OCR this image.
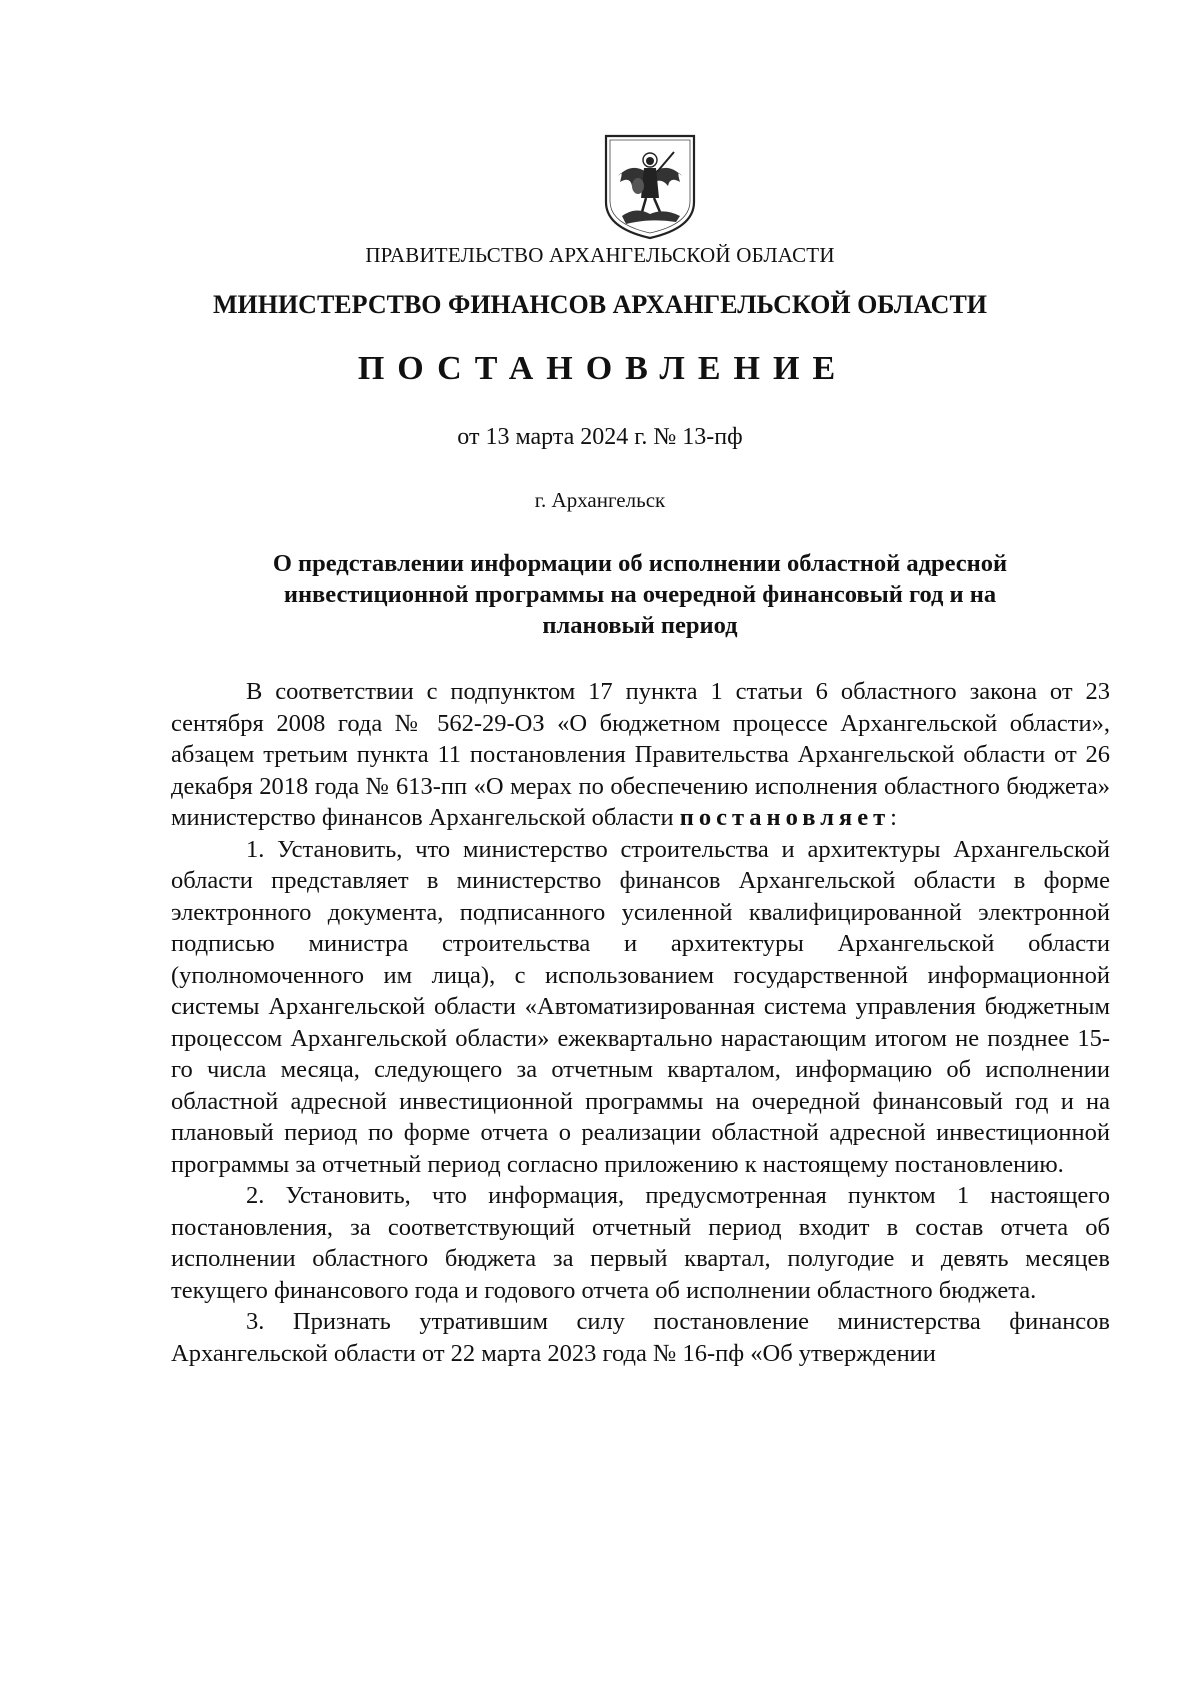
ПРАВИТЕЛЬСТВО АРХАНГЕЛЬСКОЙ ОБЛАСТИ
МИНИСТЕРСТВО ФИНАНСОВ АРХАНГЕЛЬСКОЙ ОБЛАСТИ
ПОСТАНОВЛЕНИЕ
от 13 марта 2024 г. № 13-пф
г. Архангельск
О представлении информации об исполнении областной адресной инвестиционной программы на очередной финансовый год и на плановый период

В соответствии с подпунктом 17 пункта 1 статьи 6 областного закона от 23 сентября 2008 года № 562-29-ОЗ «О бюджетном процессе Архангельской области», абзацем третьим пункта 11 постановления Правительства Архангельской области от 26 декабря 2018 года № 613-пп «О мерах по обеспечению исполнения областного бюджета» министерство финансов Архангельской области постановляет:

1. Установить, что министерство строительства и архитектуры Архангельской области представляет в министерство финансов Архангельской области в форме электронного документа, подписанного усиленной квалифицированной электронной подписью министра строительства и архитектуры Архангельской области (уполномоченного им лица), с использованием государственной информационной системы Архангельской области «Автоматизированная система управления бюджетным процессом Архангельской области» ежеквартально нарастающим итогом не позднее 15-го числа месяца, следующего за отчетным кварталом, информацию об исполнении областной адресной инвестиционной программы на очередной финансовый год и на плановый период по форме отчета о реализации областной адресной инвестиционной программы за отчетный период согласно приложению к настоящему постановлению.

2. Установить, что информация, предусмотренная пунктом 1 настоящего постановления, за соответствующий отчетный период входит в состав отчета об исполнении областного бюджета за первый квартал, полугодие и девять месяцев текущего финансового года и годового отчета об исполнении областного бюджета.

3. Признать утратившим силу постановление министерства финансов Архангельской области от 22 марта 2023 года № 16-пф «Об утверждении
